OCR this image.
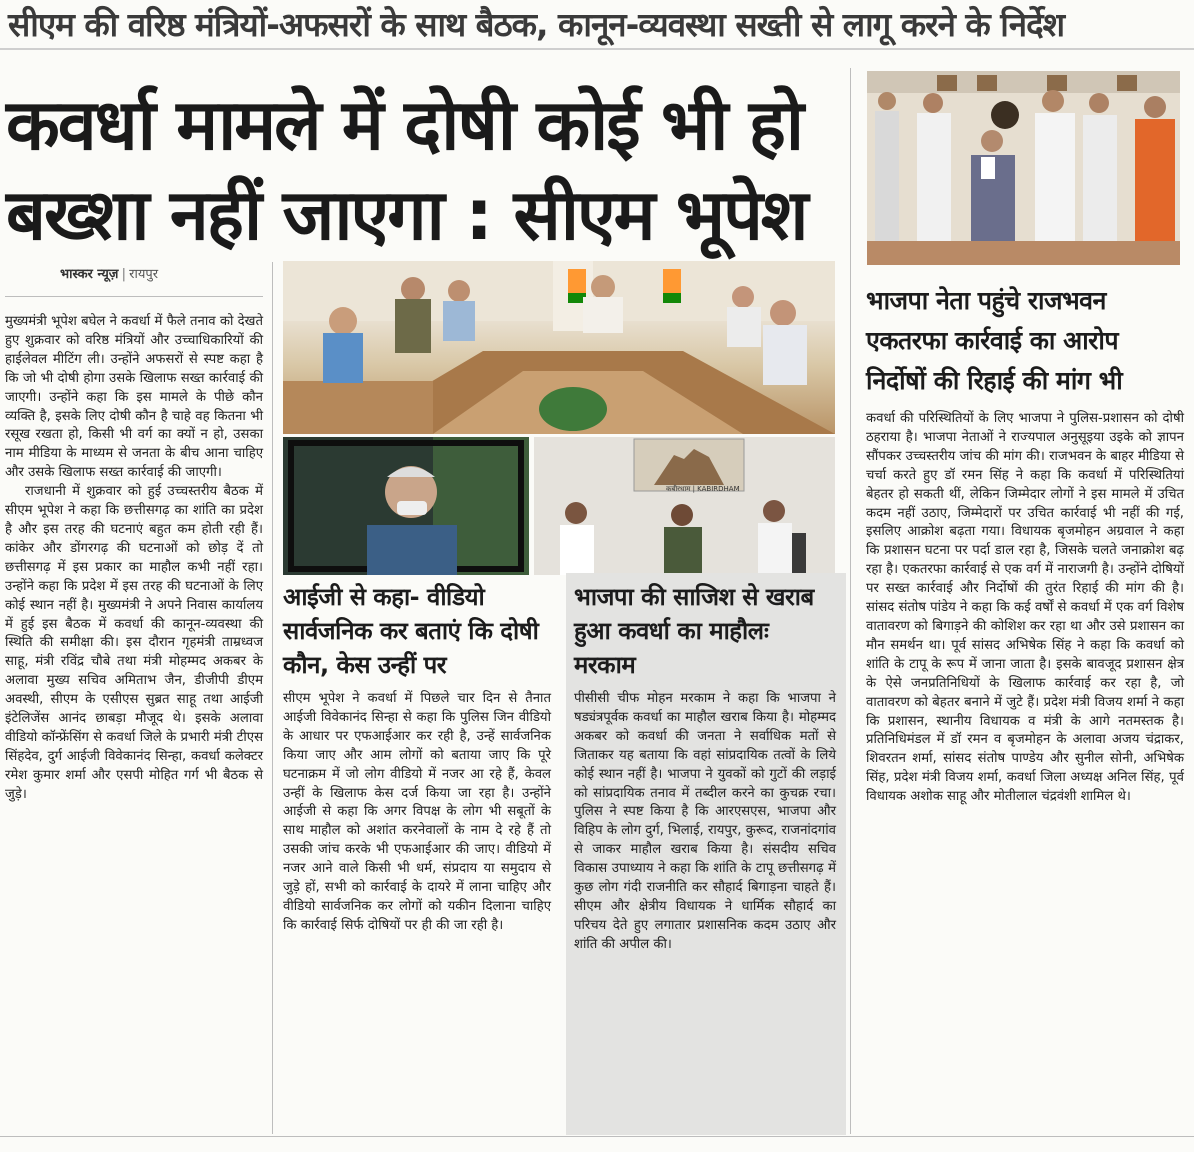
सीएम की वरिष्ठ मंत्रियों-अफसरों के साथ बैठक, कानून-व्यवस्था सख्ती से लागू करने के निर्देश
कवर्धा मामले में दोषी कोई भी हो
बख्शा नहीं जाएगा : सीएम भूपेश
भास्कर न्यूज़ | रायपुर

मुख्यमंत्री भूपेश बघेल ने कवर्धा में फैले तनाव को देखते हुए शुक्रवार को वरिष्ठ मंत्रियों और उच्चाधिकारियों की हाईलेवल मीटिंग ली। उन्होंने अफसरों से स्पष्ट कहा है कि जो भी दोषी होगा उसके खिलाफ सख्त कार्रवाई की जाएगी। उन्होंने कहा कि इस मामले के पीछे कौन व्यक्ति है, इसके लिए दोषी कौन है चाहे वह कितना भी रसूख रखता हो, किसी भी वर्ग का क्यों न हो, उसका नाम मीडिया के माध्यम से जनता के बीच आना चाहिए और उसके खिलाफ सख्त कार्रवाई की जाएगी।

राजधानी में शुक्रवार को हुई उच्चस्तरीय बैठक में सीएम भूपेश ने कहा कि छत्तीसगढ़ का शांति का प्रदेश है और इस तरह की घटनाएं बहुत कम होती रही हैं। कांकेर और डोंगरगढ़ की घटनाओं को छोड़ दें तो छत्तीसगढ़ में इस प्रकार का माहौल कभी नहीं रहा। उन्होंने कहा कि प्रदेश में इस तरह की घटनाओं के लिए कोई स्थान नहीं है। मुख्यमंत्री ने अपने निवास कार्यालय में हुई इस बैठक में कवर्धा की कानून-व्यवस्था की स्थिति की समीक्षा की। इस दौरान गृहमंत्री ताम्रध्वज साहू, मंत्री रविंद्र चौबे तथा मंत्री मोहम्मद अकबर के अलावा मुख्य सचिव अमिताभ जैन, डीजीपी डीएम अवस्थी, सीएम के एसीएस सुब्रत साहू तथा आईजी इंटेलिजेंस आनंद छाबड़ा मौजूद थे। इसके अलावा वीडियो कॉन्फ्रेंसिंग से कवर्धा जिले के प्रभारी मंत्री टीएस सिंहदेव, दुर्ग आईजी विवेकानंद सिन्हा, कवर्धा कलेक्टर रमेश कुमार शर्मा और एसपी मोहित गर्ग भी बैठक से जुड़े।

कबीरधाम | KABIRDHAM
आईजी से कहा- वीडियो सार्वजनिक कर बताएं कि दोषी कौन, केस उन्हीं पर

सीएम भूपेश ने कवर्धा में पिछले चार दिन से तैनात आईजी विवेकानंद सिन्हा से कहा कि पुलिस जिन वीडियो के आधार पर एफआईआर कर रही है, उन्हें सार्वजनिक किया जाए और आम लोगों को बताया जाए कि पूरे घटनाक्रम में जो लोग वीडियो में नजर आ रहे हैं, केवल उन्हीं के खिलाफ केस दर्ज किया जा रहा है। उन्होंने आईजी से कहा कि अगर विपक्ष के लोग भी सबूतों के साथ माहौल को अशांत करनेवालों के नाम दे रहे हैं तो उसकी जांच करके भी एफआईआर की जाए। वीडियो में नजर आने वाले किसी भी धर्म, संप्रदाय या समुदाय से जुड़े हों, सभी को कार्रवाई के दायरे में लाना चाहिए और वीडियो सार्वजनिक कर लोगों को यकीन दिलाना चाहिए कि कार्रवाई सिर्फ दोषियों पर ही की जा रही है।

भाजपा की साजिश से खराब हुआ कवर्धा का माहौलः मरकाम

पीसीसी चीफ मोहन मरकाम ने कहा कि भाजपा ने षड्यंत्रपूर्वक कवर्धा का माहौल खराब किया है। मोहम्मद अकबर को कवर्धा की जनता ने सर्वाधिक मतों से जिताकर यह बताया कि वहां सांप्रदायिक तत्वों के लिये कोई स्थान नहीं है। भाजपा ने युवकों को गुटों की लड़ाई को सांप्रदायिक तनाव में तब्दील करने का कुचक्र रचा। पुलिस ने स्पष्ट किया है कि आरएसएस, भाजपा और विहिप के लोग दुर्ग, भिलाई, रायपुर, कुरूद, राजनांदगांव से जाकर माहौल खराब किया है। संसदीय सचिव विकास उपाध्याय ने कहा कि शांति के टापू छत्तीसगढ़ में कुछ लोग गंदी राजनीति कर सौहार्द बिगाड़ना चाहते हैं। सीएम और क्षेत्रीय विधायक ने धार्मिक सौहार्द का परिचय देते हुए लगातार प्रशासनिक कदम उठाए और शांति की अपील की।

भाजपा नेता पहुंचे राजभवन
एकतरफा कार्रवाई का आरोप
निर्दोषों की रिहाई की मांग भी

कवर्धा की परिस्थितियों के लिए भाजपा ने पुलिस-प्रशासन को दोषी ठहराया है। भाजपा नेताओं ने राज्यपाल अनुसूइया उइके को ज्ञापन सौंपकर उच्चस्तरीय जांच की मांग की। राजभवन के बाहर मीडिया से चर्चा करते हुए डॉ रमन सिंह ने कहा कि कवर्धा में परिस्थितियां बेहतर हो सकती थीं, लेकिन जिम्मेदार लोगों ने इस मामले में उचित कदम नहीं उठाए, जिम्मेदारों पर उचित कार्रवाई भी नहीं की गई, इसलिए आक्रोश बढ़ता गया। विधायक बृजमोहन अग्रवाल ने कहा कि प्रशासन घटना पर पर्दा डाल रहा है, जिसके चलते जनाक्रोश बढ़ रहा है। एकतरफा कार्रवाई से एक वर्ग में नाराजगी है। उन्होंने दोषियों पर सख्त कार्रवाई और निर्दोषों की तुरंत रिहाई की मांग की है। सांसद संतोष पांडेय ने कहा कि कई वर्षों से कवर्धा में एक वर्ग विशेष वातावरण को बिगाड़ने की कोशिश कर रहा था और उसे प्रशासन का मौन समर्थन था। पूर्व सांसद अभिषेक सिंह ने कहा कि कवर्धा को शांति के टापू के रूप में जाना जाता है। इसके बावजूद प्रशासन क्षेत्र के ऐसे जनप्रतिनिधियों के खिलाफ कार्रवाई कर रहा है, जो वातावरण को बेहतर बनाने में जुटे हैं। प्रदेश मंत्री विजय शर्मा ने कहा कि प्रशासन, स्थानीय विधायक व मंत्री के आगे नतमस्तक है। प्रतिनिधिमंडल में डॉ रमन व बृजमोहन के अलावा अजय चंद्राकर, शिवरतन शर्मा, सांसद संतोष पाण्डेय और सुनील सोनी, अभिषेक सिंह, प्रदेश मंत्री विजय शर्मा, कवर्धा जिला अध्यक्ष अनिल सिंह, पूर्व विधायक अशोक साहू और मोतीलाल चंद्रवंशी शामिल थे।
